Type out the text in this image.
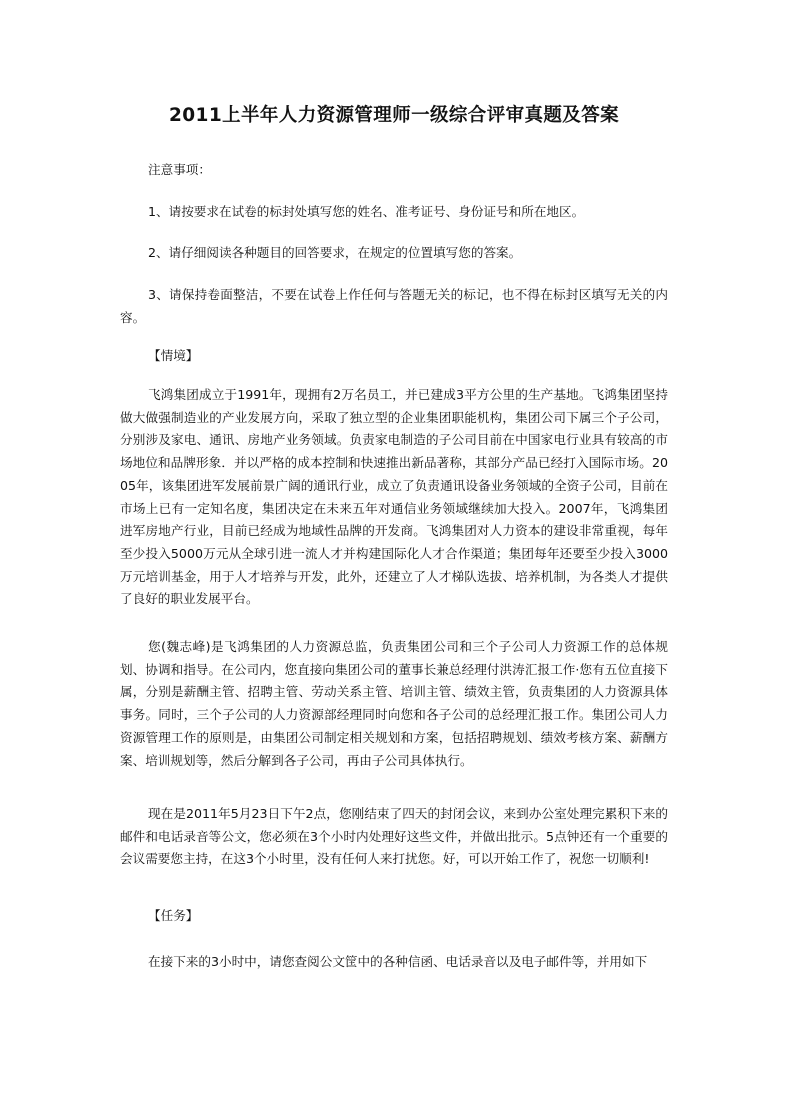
2011上半年人力资源管理师一级综合评审真题及答案
注意事项：
1、请按要求在试卷的标封处填写您的姓名、准考证号、身份证号和所在地区。
2、请仔细阅读各种题目的回答要求，在规定的位置填写您的答案。
3、请保持卷面整洁，不要在试卷上作任何与答题无关的标记，也不得在标封区填写无关的内容。
【情境】
飞鸿集团成立于1991年，现拥有2万名员工，并已建成3平方公里的生产基地。飞鸿集团坚持做大做强制造业的产业发展方向，采取了独立型的企业集团职能机构，集团公司下属三个子公司，分别涉及家电、通讯、房地产业务领域。负责家电制造的子公司目前在中国家电行业具有较高的市场地位和品牌形象．并以严格的成本控制和快速推出新品著称，其部分产品已经打入国际市场。2005年，该集团进军发展前景广阔的通讯行业，成立了负责通讯设备业务领域的全资子公司，目前在市场上已有一定知名度，集团决定在未来五年对通信业务领域继续加大投入。2007年，飞鸿集团进军房地产行业，目前已经成为地域性品牌的开发商。飞鸿集团对人力资本的建设非常重视，每年至少投入5000万元从全球引进一流人才并构建国际化人才合作渠道；集团每年还要至少投入3000万元培训基金，用于人才培养与开发，此外，还建立了人才梯队选拔、培养机制，为各类人才提供了良好的职业发展平台。
您(魏志峰)是飞鸿集团的人力资源总监，负责集团公司和三个子公司人力资源工作的总体规划、协调和指导。在公司内，您直接向集团公司的董事长兼总经理付洪涛汇报工作·您有五位直接下属，分别是薪酬主管、招聘主管、劳动关系主管、培训主管、绩效主管，负责集团的人力资源具体事务。同时，三个子公司的人力资源部经理同时向您和各子公司的总经理汇报工作。集团公司人力资源管理工作的原则是，由集团公司制定相关规划和方案，包括招聘规划、绩效考核方案、薪酬方案、培训规划等，然后分解到各子公司，再由子公司具体执行。
现在是2011年5月23日下午2点，您刚结束了四天的封闭会议，来到办公室处理完累积下来的邮件和电话录音等公文，您必须在3个小时内处理好这些文件，并做出批示。5点钟还有一个重要的会议需要您主持，在这3个小时里，没有任何人来打扰您。好，可以开始工作了，祝您一切顺利!
【任务】
在接下来的3小时中，请您查阅公文筐中的各种信函、电话录音以及电子邮件等，并用如下
